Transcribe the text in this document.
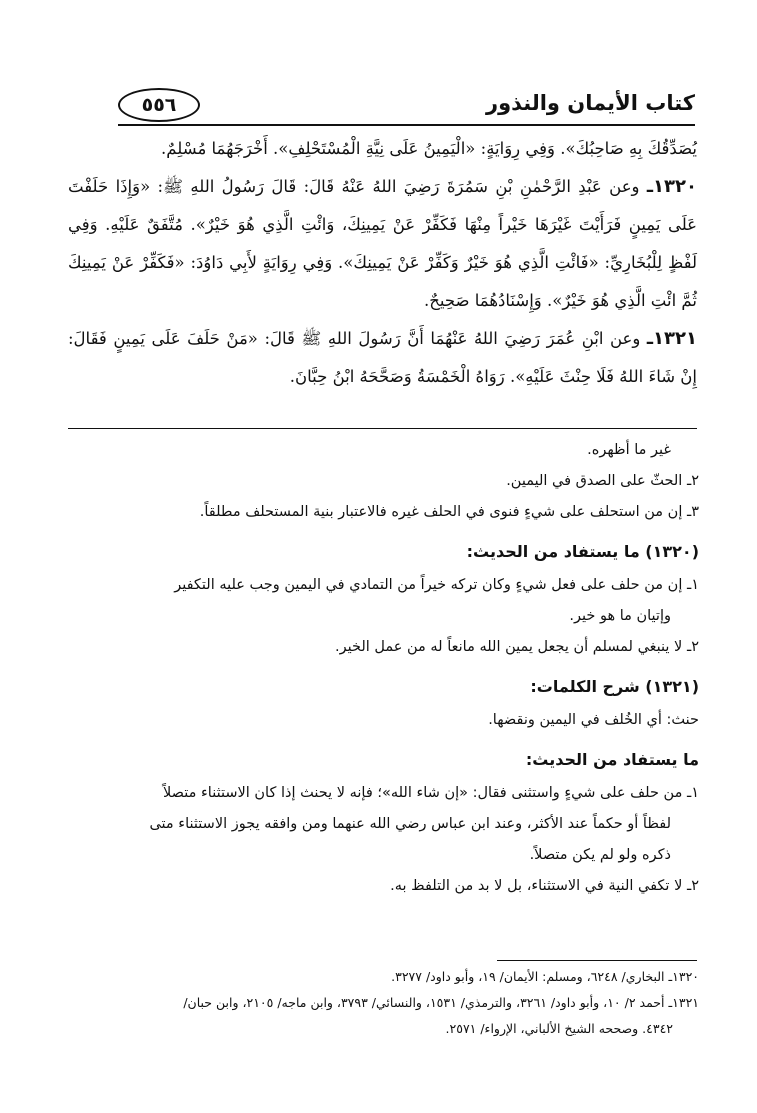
٥٥٦	كتاب الأيمان والنذور

يُصَدِّقُكَ بِهِ صَاحِبُكَ». وَفِي رِوَايَةٍ: «الْيَمِينُ عَلَى نِيَّةِ الْمُسْتَحْلِفِ». أَخْرَجَهُمَا مُسْلِمٌ.

١٣٢٠ـ وعن عَبْدِ الرَّحْمٰنِ بْنِ سَمُرَةَ رَضِيَ اللهُ عَنْهُ قَالَ: قَالَ رَسُولُ اللهِ ﷺ: «وَإِذَا حَلَفْتَ عَلَى يَمِينٍ فَرَأَيْتَ غَيْرَهَا خَيْراً مِنْهَا فَكَفِّرْ عَنْ يَمِينِكَ، وَائْتِ الَّذِي هُوَ خَيْرٌ». مُتَّفَقٌ عَلَيْهِ. وَفِي لَفْظٍ لِلْبُخَارِيِّ: «فَائْتِ الَّذِي هُوَ خَيْرٌ وَكَفِّرْ عَنْ يَمِينِكَ». وَفِي رِوَايَةٍ لأَبِي دَاوُدَ: «فَكَفِّرْ عَنْ يَمِينِكَ ثُمَّ ائْتِ الَّذِي هُوَ خَيْرٌ». وَإِسْنَادُهُمَا صَحِيحٌ.

١٣٢١ـ وعن ابْنِ عُمَرَ رَضِيَ اللهُ عَنْهُمَا أَنَّ رَسُولَ اللهِ ﷺ قَالَ: «مَنْ حَلَفَ عَلَى يَمِينٍ فَقَالَ: إِنْ شَاءَ اللهُ فَلَا حِنْثَ عَلَيْهِ». رَوَاهُ الْخَمْسَةُ وَصَحَّحَهُ ابْنُ حِبَّانَ.

غير ما أظهره.

٢ـ الحثّ على الصدق في اليمين.

٣ـ إن من استحلف على شيءٍ فنوى في الحلف غيره فالاعتبار بنية المستحلف مطلقاً.

(١٣٢٠) ما يستفاد من الحديث:

١ـ إن من حلف على فعل شيءٍ وكان تركه خيراً من التمادي في اليمين وجب عليه التكفير

وإتيان ما هو خير.

٢ـ لا ينبغي لمسلم أن يجعل يمين الله مانعاً له من عمل الخير.

(١٣٢١) شرح الكلمات:

حنث: أي الخُلف في اليمين ونقضها.

ما يستفاد من الحديث:

١ـ من حلف على شيءٍ واستثنى فقال: «إن شاء الله»؛ فإنه لا يحنث إذا كان الاستثناء متصلاً

لفظاً أو حكماً عند الأكثر، وعند ابن عباس رضي الله عنهما ومن وافقه يجوز الاستثناء متى

ذكره ولو لم يكن متصلاً.

٢ـ لا تكفي النية في الاستثناء، بل لا بد من التلفظ به.

١٣٢٠ـ البخاري/ ٦٢٤٨، ومسلم: الأيمان/ ١٩، وأبو داود/ ٣٢٧٧.

١٣٢١ـ أحمد ٢/ ١٠، وأبو داود/ ٣٢٦١، والترمذي/ ١٥٣١، والنسائي/ ٣٧٩٣، وابن ماجه/ ٢١٠٥، وابن حبان/

٤٣٤٢. وصححه الشيخ الألباني، الإرواء/ ٢٥٧١.
